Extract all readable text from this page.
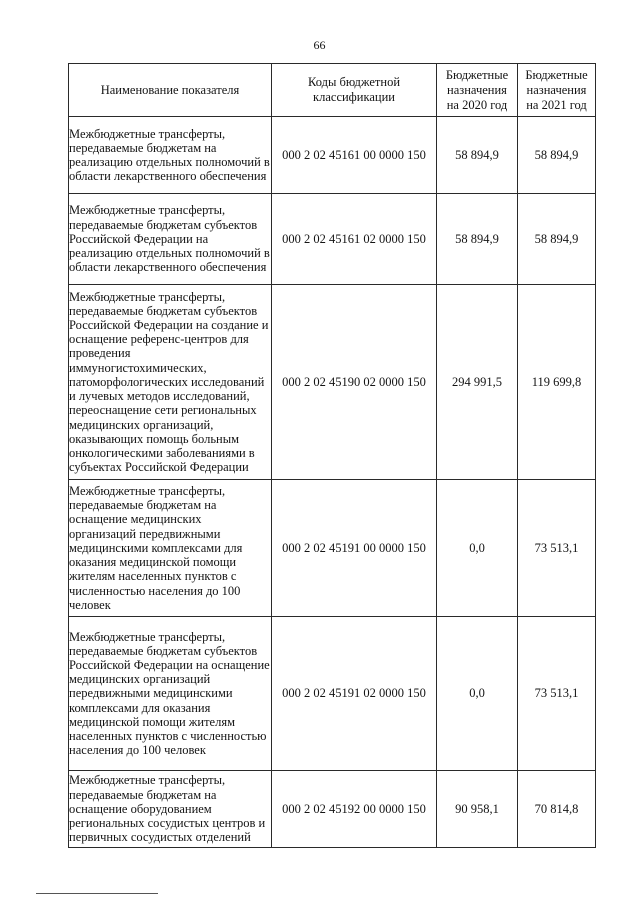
66
Наименование показателя	Коды бюджетной классификации	Бюджетные назначения на 2020 год	Бюджетные назначения на 2021 год
Межбюджетные трансферты, передаваемые бюджетам на реализацию отдельных полномочий в области лекарственного обеспечения	000 2 02 45161 00 0000 150	58 894,9	58 894,9
Межбюджетные трансферты, передаваемые бюджетам субъектов Российской Федерации на реализацию отдельных полномочий в области лекарственного обеспечения	000 2 02 45161 02 0000 150	58 894,9	58 894,9
Межбюджетные трансферты, передаваемые бюджетам субъектов Российской Федерации на создание и оснащение референс-центров для проведения иммуногистохимических, патоморфологических исследований и лучевых методов исследований, переоснащение сети региональных медицинских организаций, оказывающих помощь больным онкологическими заболеваниями в субъектах Российской Федерации	000 2 02 45190 02 0000 150	294 991,5	119 699,8
Межбюджетные трансферты, передаваемые бюджетам на оснащение медицинских организаций передвижными медицинскими комплексами для оказания медицинской помощи жителям населенных пунктов с численностью населения до 100 человек	000 2 02 45191 00 0000 150	0,0	73 513,1
Межбюджетные трансферты, передаваемые бюджетам субъектов Российской Федерации на оснащение медицинских организаций передвижными медицинскими комплексами для оказания медицинской помощи жителям населенных пунктов с численностью населения до 100 человек	000 2 02 45191 02 0000 150	0,0	73 513,1
Межбюджетные трансферты, передаваемые бюджетам на оснащение оборудованием региональных сосудистых центров и первичных сосудистых отделений	000 2 02 45192 00 0000 150	90 958,1	70 814,8
